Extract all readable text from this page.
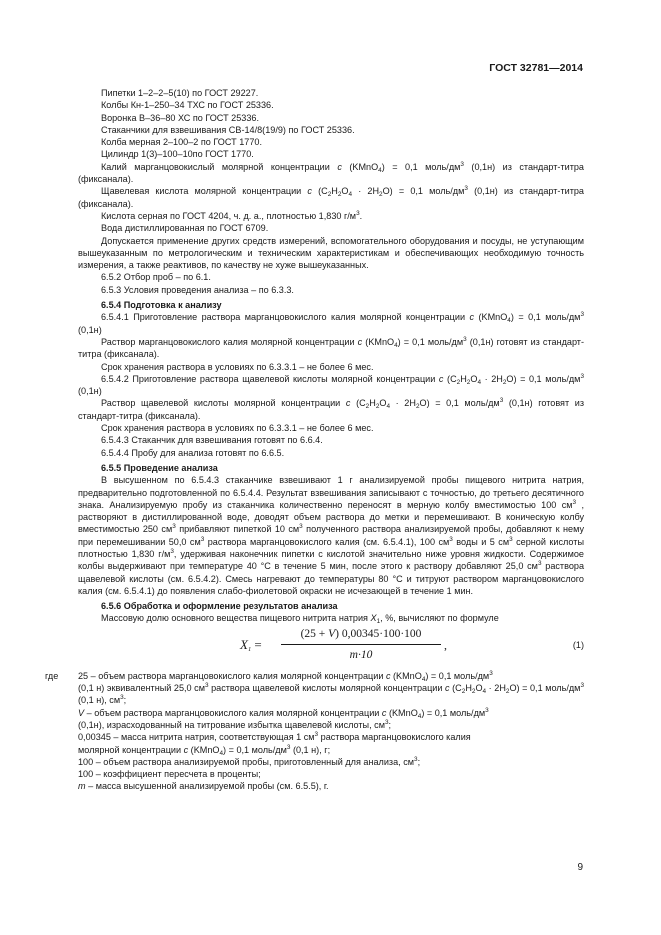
ГОСТ 32781—2014

Пипетки 1–2–2–5(10) по ГОСТ 29227.

Колбы Кн-1–250–34 ТХС по ГОСТ 25336.

Воронка В–36–80 ХС по ГОСТ 25336.

Стаканчики для взвешивания СВ-14/8(19/9) по ГОСТ 25336.

Колба мерная 2–100–2 по ГОСТ 1770.

Цилиндр 1(3)–100–10по ГОСТ 1770.

Калий марганцовокислый молярной концентрации c (KMnO$_4$) = 0,1 моль/$дм^3$ (0,1н) из стандарт-титра (фиксанала).

Щавелевая кислота молярной концентрации c $(C_2H_2O_4 \cdot 2H_2O) = 0,1$ моль/$дм^3$ (0,1н) из стандарт-титра (фиксанала).

Кислота серная по ГОСТ 4204, ч. д. а., плотностью 1,830 $г/м^3$.

Вода дистиллированная по ГОСТ 6709.

Допускается применение других средств измерений, вспомогательного оборудования и посуды, не уступающим вышеуказанным по метрологическим и техническим характеристикам и обеспечивающих необходимую точность измерения, а также реактивов, по качеству не хуже вышеуказанных.

6.5.2 Отбор проб – по 6.1.

6.5.3 Условия проведения анализа – по 6.3.3.

6.5.4 Подготовка к анализу

6.5.4.1 Приготовление раствора марганцовокислого калия молярной концентрации c (KMnO$_4$) = 0,1 моль/$дм^3$ (0,1н)

Раствор марганцовокислого калия молярной концентрации c (KMnO$_4$) = 0,1 моль/$дм^3$ (0,1н) готовят из стандарт-титра (фиксанала).

Срок хранения раствора в условиях по 6.3.3.1 – не более 6 мес.

6.5.4.2 Приготовление раствора щавелевой кислоты молярной концентрации c $(C_2H_2O_4 \cdot 2H_2O) = 0,1$ моль/$дм^3$ (0,1н)

Раствор щавелевой кислоты молярной концентрации c $(C_2H_2O_4 \cdot 2H_2O) = 0,1$ моль/$дм^3$ (0,1н) готовят из стандарт-титра (фиксанала).

Срок хранения раствора в условиях по 6.3.3.1 – не более 6 мес.

6.5.4.3 Стаканчик для взвешивания готовят по 6.6.4.

6.5.4.4 Пробу для анализа готовят по 6.6.5.

6.5.5 Проведение анализа

В высушенном по 6.5.4.3 стаканчике взвешивают 1 г анализируемой пробы пищевого нитрита натрия, предварительно подготовленной по 6.5.4.4. Результат взвешивания записывают с точностью, до третьего десятичного знака. Анализируемую пробу из стаканчика количественно переносят в мерную колбу вместимостью 100 $см^3$ , растворяют в дистиллированной воде, доводят объем раствора до метки и перемешивают. В коническую колбу вместимостью 250 $см^3$ прибавляют пипеткой 10 $см^3$ полученного раствора анализируемой пробы, добавляют к нему при перемешивании 50,0 $см^3$ раствора марганцовокислого калия (см. 6.5.4.1), 100 $см^3$ воды и 5 $см^3$ серной кислоты плотностью 1,830 $г/м^3$, удерживая наконечник пипетки с кислотой значительно ниже уровня жидкости. Содержимое колбы выдерживают при температуре 40 °С в течение 5 мин, после этого к раствору добавляют 25,0 $см^3$ раствора щавелевой кислоты (см. 6.5.4.2). Смесь нагревают до температуры 80 °С и титруют раствором марганцовокислого калия (см. 6.5.4.1) до появления слабо-фиолетовой окраски не исчезающей в течение 1 мин.

6.5.6 Обработка и оформление результатов анализа

Массовую долю основного вещества пищевого нитрита натрия $X_1$, %, вычисляют по формуле

$X_1$ =
(25 + V) 0,00345·100·100
m·10
,	(1)
где 25 – объем раствора марганцовокислого калия молярной концентрации c (KMnO$_4$) = 0,1 моль/$дм^3$

(0,1 н) эквивалентный 25,0 $см^3$ раствора щавелевой кислоты молярной концентрации c $(C_2H_2O_4 \cdot 2H_2O) = 0,1$ моль/$дм^3$ (0,1 н), $см^3$;

V – объем раствора марганцовокислого калия молярной концентрации c (KMnO$_4$) = 0,1 моль/$дм^3$

(0,1н), израсходованный на титрование избытка щавелевой кислоты, $см^3$;

0,00345 – масса нитрита натрия, соответствующая 1 $см^3$ раствора марганцовокислого калия

молярной концентрации c (KMnO$_4$) = 0,1 моль/$дм^3$ (0,1 н), г;

100 – объем раствора анализируемой пробы, приготовленный для анализа, $см^3$;

100 – коэффициент пересчета в проценты;

m – масса высушенной анализируемой пробы (см. 6.5.5), г.

9
